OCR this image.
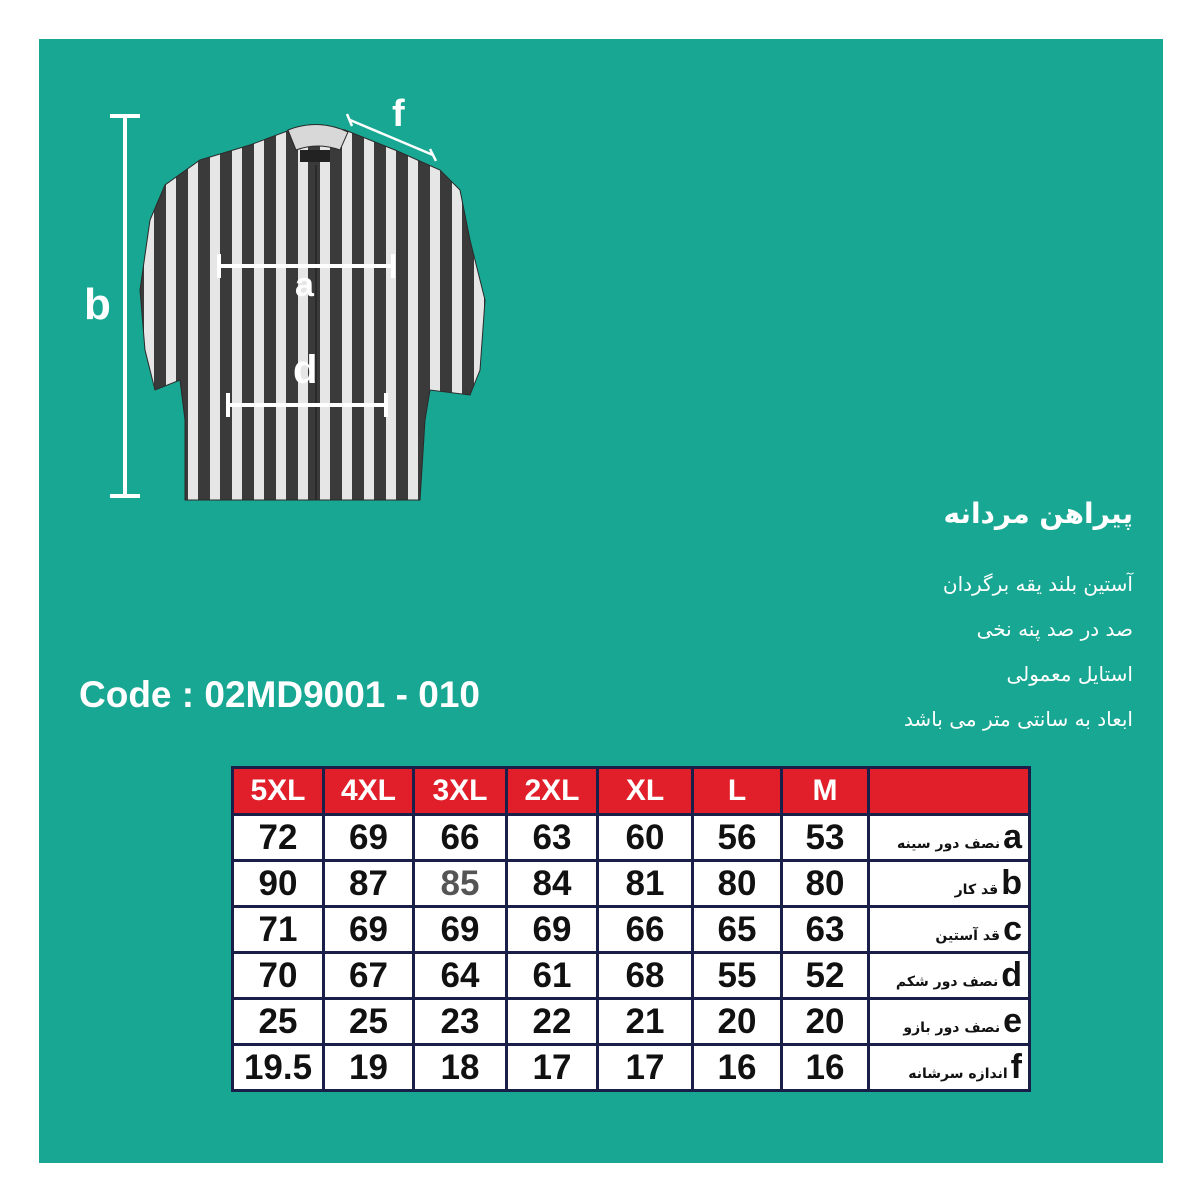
b
f
a
d
پیراهن مردانه
آستین بلند یقه برگردان
صد در صد پنه نخی
استایل معمولی
ابعاد به سانتی متر می باشد
Code : 02MD9001 - 010
5XL	4XL	3XL	2XL	XL	L	M	
72	69	66	63	60	56	53	aنصف دور سینه
90	87	85	84	81	80	80	bقد کار
71	69	69	69	66	65	63	cقد آستین
70	67	64	61	68	55	52	dنصف دور شکم
25	25	23	22	21	20	20	eنصف دور بازو
19.5	19	18	17	17	16	16	fاندازه سرشانه
